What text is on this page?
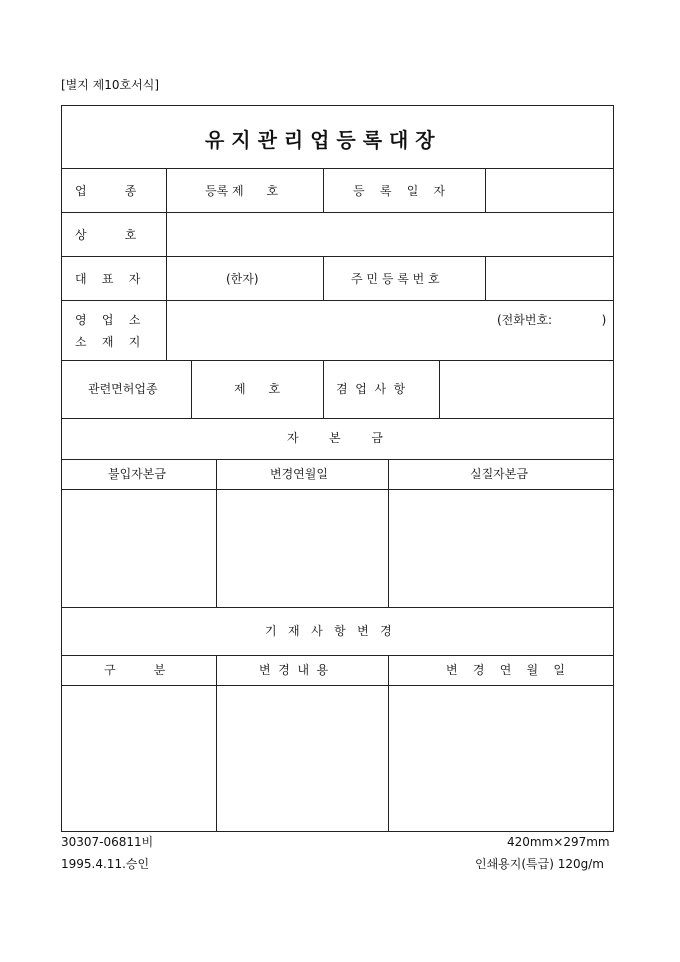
[별지 제10호서식]
유 지 관 리 업 등 록 대 장
업          종	등록 제      호	등    록    일    자
상          호
대    표    자	(한자)	주 민 등 록 번 호
영    업    소
소    재    지
(전화번호:             )
관련면허업종	제      호	겸  업  사  항
자        본        금
불입자본금	변경연월일	실질자본금
기   재   사   항   변   경
구          분	변  경  내  용	변    경    연    월    일
30307-06811비	420mm×297mm
1995.4.11.승인	인쇄용지(특급) 120g/m
